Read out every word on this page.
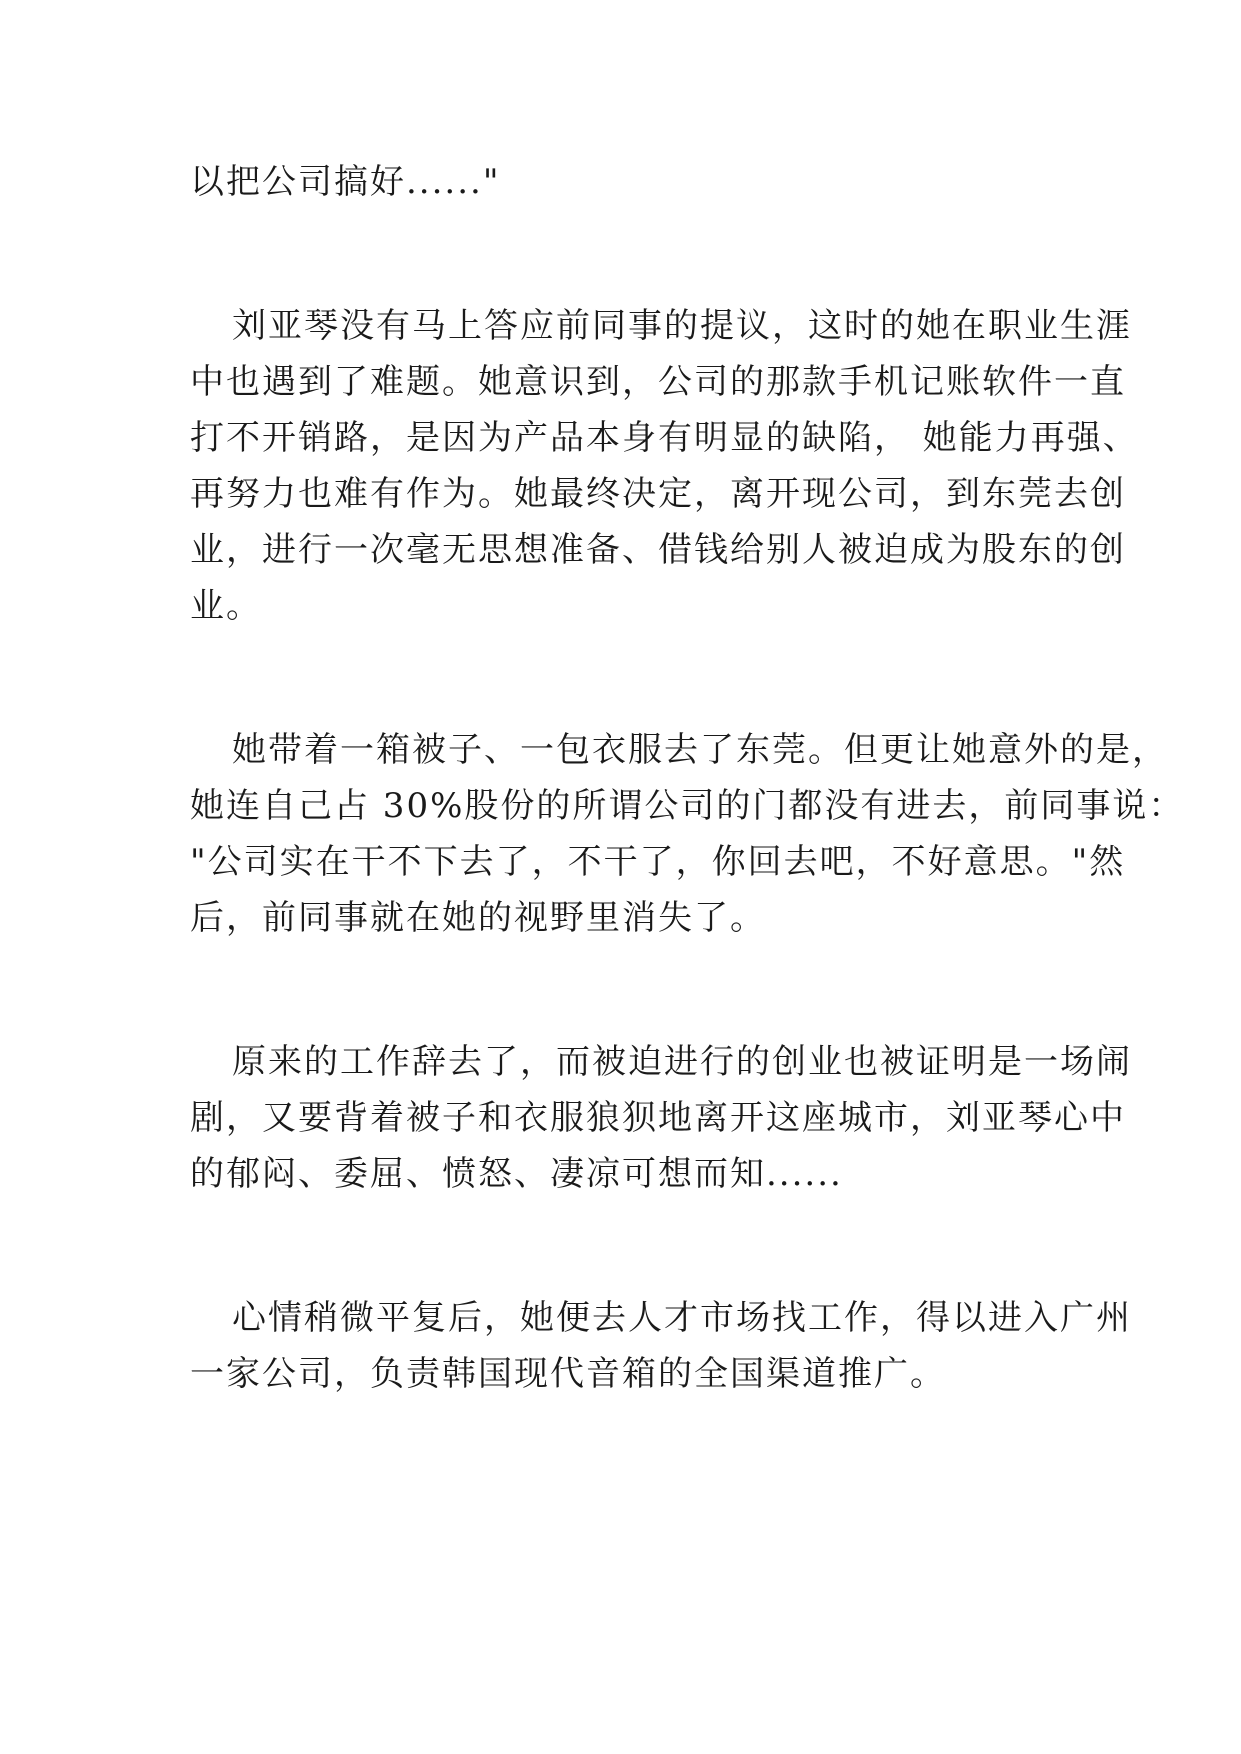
以把公司搞好......"
刘亚琴没有马上答应前同事的提议，这时的她在职业生涯
中也遇到了难题。她意识到，公司的那款手机记账软件一直
打不开销路，是因为产品本身有明显的缺陷， 她能力再强、
再努力也难有作为。她最终决定，离开现公司，到东莞去创
业，进行一次毫无思想准备、借钱给别人被迫成为股东的创
业。
她带着一箱被子、一包衣服去了东莞。但更让她意外的是，
她连自己占 30%股份的所谓公司的门都没有进去，前同事说：
"公司实在干不下去了，不干了，你回去吧，不好意思。"然
后，前同事就在她的视野里消失了。
原来的工作辞去了，而被迫进行的创业也被证明是一场闹
剧，又要背着被子和衣服狼狈地离开这座城市，刘亚琴心中
的郁闷、委屈、愤怒、凄凉可想而知......
心情稍微平复后，她便去人才市场找工作，得以进入广州
一家公司，负责韩国现代音箱的全国渠道推广。
